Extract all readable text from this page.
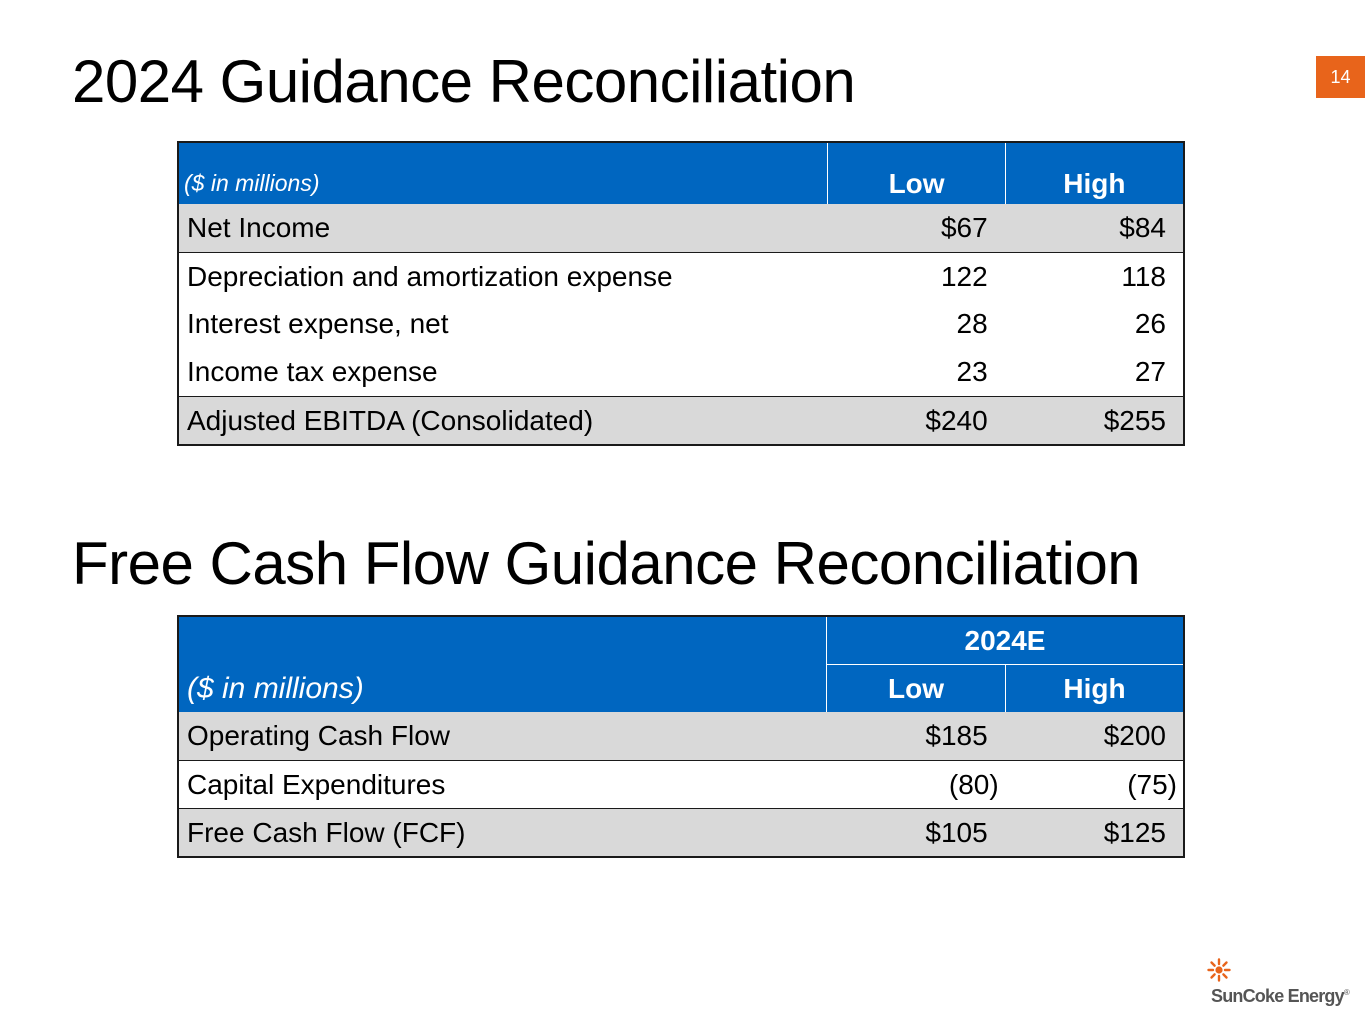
2024 Guidance Reconciliation	14
($ in millions)	Low	High
Net Income	$67	$84
Depreciation and amortization expense	122	118
Interest expense, net	28	26
Income tax expense	23	27
Adjusted EBITDA (Consolidated)	$240	$255
Free Cash Flow Guidance Reconciliation
($ in millions)
2024E
Low	High
Operating Cash Flow	$185	$200
Capital Expenditures	(80)	(75)
Free Cash Flow (FCF)	$105	$125
SunCoke Energy®
